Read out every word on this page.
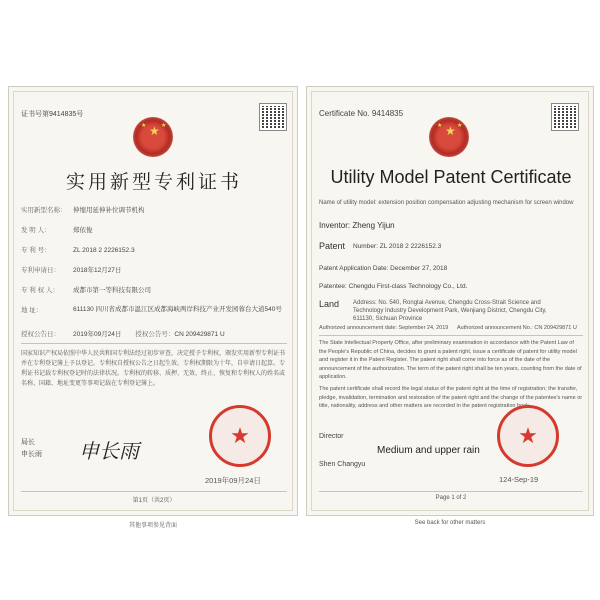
证书号第9414835号
★
★ ★
实用新型专利证书
实用新型名称： 伸缩用延伸补位调节机构
发 明 人：	郑依俊
专 利 号：	ZL 2018 2 2226152.3
专利申请日： 2018年12月27日
专 利 权 人： 成都市第一等科技有限公司
地 址：	611130 四川省成都市温江区成都海峡两岸科技产业开发园蓉台大道540号
授权公告日： 2019年09月24日 授权公告号：CN 209429871 U
国家知识产权局依照中华人民共和国专利法经过初步审查，决定授予专利权，颁发实用新型专利证书并在专利登记簿上予以登记。专利权自授权公告之日起生效。专利权期限为十年，自申请日起算。专利证书记载专利权登记时的法律状况。专利权的转移、质押、无效、终止、恢复和专利权人的姓名或名称、国籍、地址变更等事项记载在专利登记簿上。
局长
申长雨 申长雨
★
2019年09月24日
第1页（共2页）
其他事项参见背面
Certificate No. 9414835
★
★ ★
Utility Model Patent Certificate
Name of utility model: extension position compensation adjusting mechanism for screen window
Inventor: Zheng Yijun
Patent Number: ZL 2018 2 2226152.3
Patent Application Date: December 27, 2018
Patentee: Chengdu First-class Technology Co., Ltd.
Land Address: No. 540, Rongtai Avenue, Chengdu Cross-Strait Science and Technology Industry Development Park, Wenjiang District, Chengdu City, 611130, Sichuan Province
Authorized announcement date: September 24, 2019 Authorized announcement No.: CN 209429871 U
The State Intellectual Property Office, after preliminary examination in accordance with the Patent Law of the People's Republic of China, decides to grant a patent right, issue a certificate of patent for utility model and register it in the Patent Register. The patent right shall come into force as of the date of the announcement of the authorization. The term of the patent right shall be ten years, counting from the date of application.
The patent certificate shall record the legal status of the patent right at the time of registration; the transfer, pledge, invalidation, termination and restoration of the patent right and the change of the patentee's name or title, nationality, address and other matters are recorded in the patent registration book.
Director
Medium and upper rain
Shen Changyu
★
124-Sep-19
Page 1 of 2
See back for other matters
